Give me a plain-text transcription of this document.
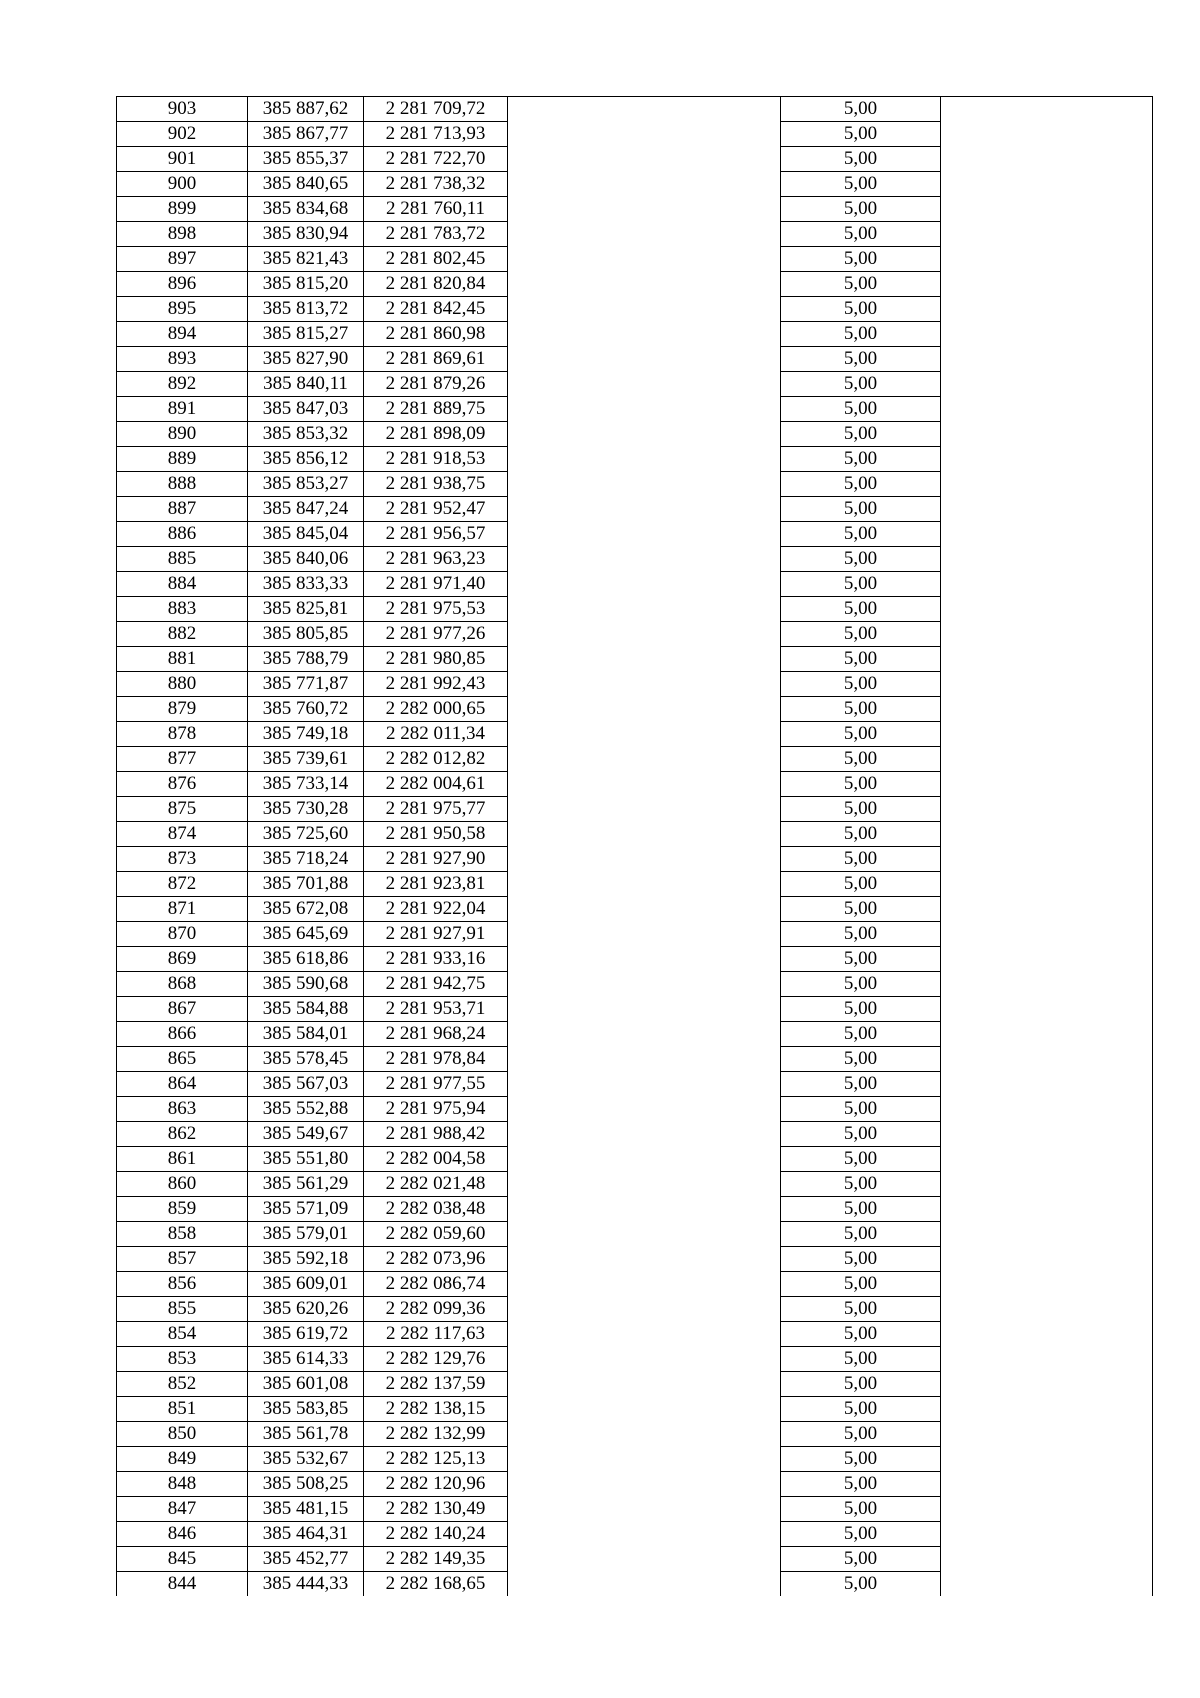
903	385 887,62	2 281 709,72		5,00	
902	385 867,77	2 281 713,93		5,00	
901	385 855,37	2 281 722,70		5,00	
900	385 840,65	2 281 738,32		5,00	
899	385 834,68	2 281 760,11		5,00	
898	385 830,94	2 281 783,72		5,00	
897	385 821,43	2 281 802,45		5,00	
896	385 815,20	2 281 820,84		5,00	
895	385 813,72	2 281 842,45		5,00	
894	385 815,27	2 281 860,98		5,00	
893	385 827,90	2 281 869,61		5,00	
892	385 840,11	2 281 879,26		5,00	
891	385 847,03	2 281 889,75		5,00	
890	385 853,32	2 281 898,09		5,00	
889	385 856,12	2 281 918,53		5,00	
888	385 853,27	2 281 938,75		5,00	
887	385 847,24	2 281 952,47		5,00	
886	385 845,04	2 281 956,57		5,00	
885	385 840,06	2 281 963,23		5,00	
884	385 833,33	2 281 971,40		5,00	
883	385 825,81	2 281 975,53		5,00	
882	385 805,85	2 281 977,26		5,00	
881	385 788,79	2 281 980,85		5,00	
880	385 771,87	2 281 992,43		5,00	
879	385 760,72	2 282 000,65		5,00	
878	385 749,18	2 282 011,34		5,00	
877	385 739,61	2 282 012,82		5,00	
876	385 733,14	2 282 004,61		5,00	
875	385 730,28	2 281 975,77		5,00	
874	385 725,60	2 281 950,58		5,00	
873	385 718,24	2 281 927,90		5,00	
872	385 701,88	2 281 923,81		5,00	
871	385 672,08	2 281 922,04		5,00	
870	385 645,69	2 281 927,91		5,00	
869	385 618,86	2 281 933,16		5,00	
868	385 590,68	2 281 942,75		5,00	
867	385 584,88	2 281 953,71		5,00	
866	385 584,01	2 281 968,24		5,00	
865	385 578,45	2 281 978,84		5,00	
864	385 567,03	2 281 977,55		5,00	
863	385 552,88	2 281 975,94		5,00	
862	385 549,67	2 281 988,42		5,00	
861	385 551,80	2 282 004,58		5,00	
860	385 561,29	2 282 021,48		5,00	
859	385 571,09	2 282 038,48		5,00	
858	385 579,01	2 282 059,60		5,00	
857	385 592,18	2 282 073,96		5,00	
856	385 609,01	2 282 086,74		5,00	
855	385 620,26	2 282 099,36		5,00	
854	385 619,72	2 282 117,63		5,00	
853	385 614,33	2 282 129,76		5,00	
852	385 601,08	2 282 137,59		5,00	
851	385 583,85	2 282 138,15		5,00	
850	385 561,78	2 282 132,99		5,00	
849	385 532,67	2 282 125,13		5,00	
848	385 508,25	2 282 120,96		5,00	
847	385 481,15	2 282 130,49		5,00	
846	385 464,31	2 282 140,24		5,00	
845	385 452,77	2 282 149,35		5,00	
844	385 444,33	2 282 168,65		5,00	
